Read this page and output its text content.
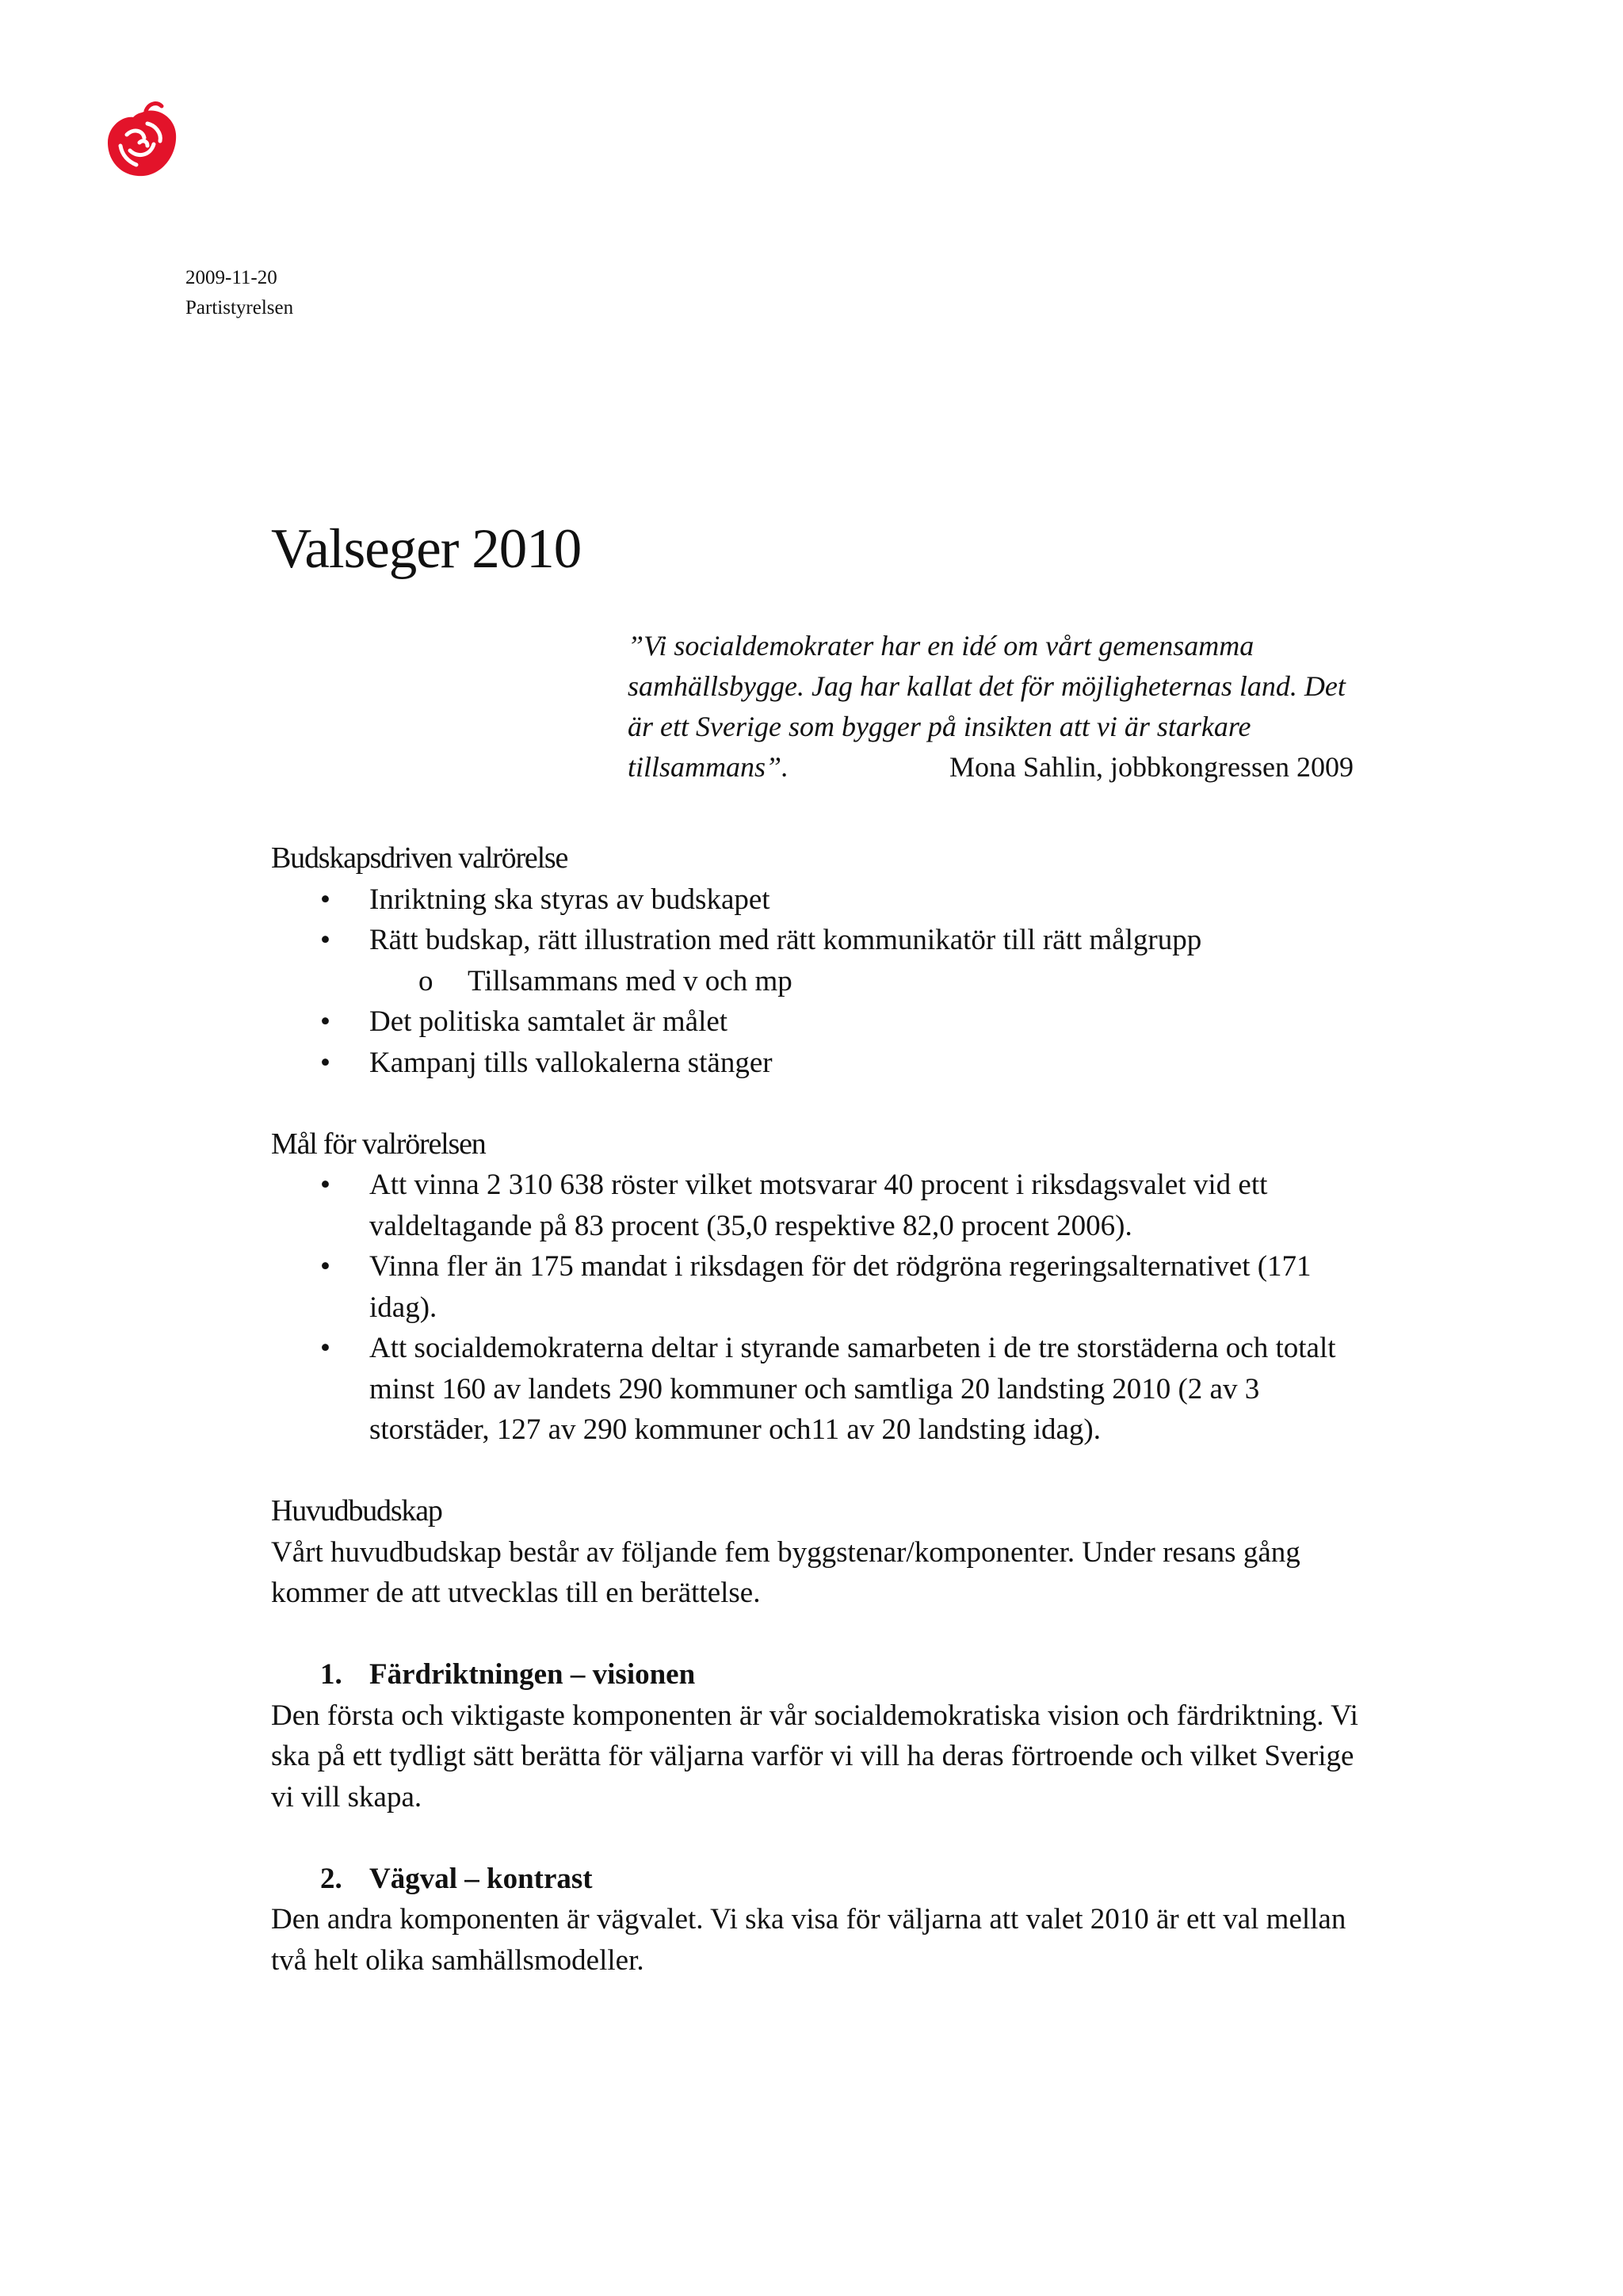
2009-11-20
Partistyrelsen
Valseger 2010
”Vi socialdemokrater har en idé om vårt gemensamma samhällsbygge. Jag har kallat det för möjligheternas land. Det är ett Sverige som bygger på insikten att vi är starkare tillsammans”.	Mona Sahlin, jobbkongressen 2009
Budskapsdriven valrörelse
• Inriktning ska styras av budskapet
• Rätt budskap, rätt illustration med rätt kommunikatör till rätt målgrupp
o Tillsammans med v och mp
• Det politiska samtalet är målet
• Kampanj tills vallokalerna stänger
Mål för valrörelsen
• Att vinna 2 310 638 röster vilket motsvarar 40 procent i riksdagsvalet vid ett valdeltagande på 83 procent (35,0 respektive 82,0 procent 2006).
• Vinna fler än 175 mandat i riksdagen för det rödgröna regeringsalternativet (171 idag).
• Att socialdemokraterna deltar i styrande samarbeten i de tre storstäderna och totalt minst 160 av landets 290 kommuner och samtliga 20 landsting 2010 (2 av 3 storstäder, 127 av 290 kommuner och11 av 20 landsting idag).
Huvudbudskap

Vårt huvudbudskap består av följande fem byggstenar/komponenter. Under resans gång kommer de att utvecklas till en berättelse.

1. Färdriktningen – visionen

Den första och viktigaste komponenten är vår socialdemokratiska vision och färdriktning. Vi ska på ett tydligt sätt berätta för väljarna varför vi vill ha deras förtroende och vilket Sverige vi vill skapa.

2. Vägval – kontrast

Den andra komponenten är vägvalet. Vi ska visa för väljarna att valet 2010 är ett val mellan två helt olika samhällsmodeller.
